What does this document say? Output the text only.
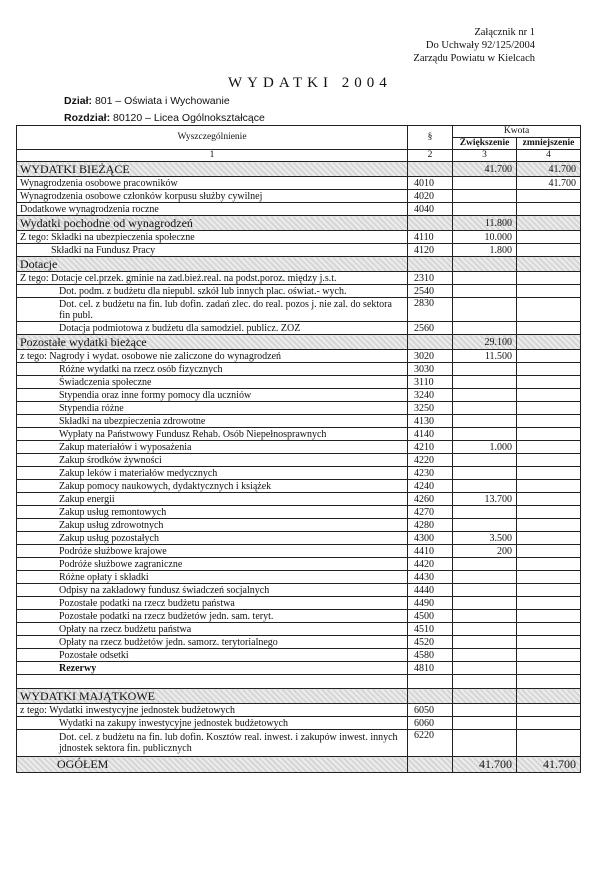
Załącznik nr 1
Do Uchwały 92/125/2004
Zarządu Powiatu w Kielcach
WYDATKI 2004
Dział: 801 – Oświata i Wychowanie
Rozdział: 80120 – Licea Ogólnokształcące
Wyszczególnienie	§	Kwota	
		Zwiększenie	zmniejszenie
1	2	3	4
WYDATKI BIEŻĄCE		41.700	41.700
Wynagrodzenia osobowe pracowników	4010		41.700
Wynagrodzenia osobowe członków korpusu służby cywilnej	4020		
Dodatkowe wynagrodzenia roczne	4040		
Wydatki pochodne od wynagrodzeń		11.800	
Z tego: Składki na ubezpieczenia społeczne	4110	10.000	
Składki na Fundusz Pracy	4120	1.800	
Dotacje			
Z tego: Dotacje cel.przek. gminie na zad.bież.real. na podst.poroz. między j.s.t.	2310		
Dot. podm. z budżetu dla niepubl. szkół lub innych plac. oświat.- wych.	2540		
Dot. cel. z budżetu na fin. lub dofin. zadań zlec. do real. pozos j. nie zal. do sektora fin publ.	2830		
Dotacja podmiotowa z budżetu dla samodziel. publicz. ZOZ	2560		
Pozostałe wydatki bieżące		29.100	
z tego: Nagrody i wydat. osobowe nie zaliczone do wynagrodzeń	3020	11.500	
Różne wydatki na rzecz osób fizycznych	3030		
Świadczenia społeczne	3110		
Stypendia oraz inne formy pomocy dla uczniów	3240		
Stypendia różne	3250		
Składki na ubezpieczenia zdrowotne	4130		
Wypłaty na Państwowy Fundusz Rehab. Osób Niepełnosprawnych	4140		
Zakup materiałów i wyposażenia	4210	1.000	
Zakup środków żywności	4220		
Zakup leków i materiałów medycznych	4230		
Zakup pomocy naukowych, dydaktycznych i książek	4240		
Zakup energii	4260	13.700	
Zakup usług remontowych	4270		
Zakup usług zdrowotnych	4280		
Zakup usług pozostałych	4300	3.500	
Podróże służbowe krajowe	4410	200	
Podróże służbowe zagraniczne	4420		
Różne opłaty i składki	4430		
Odpisy na zakładowy fundusz świadczeń socjalnych	4440		
Pozostałe podatki na rzecz budżetu państwa	4490		
Pozostałe podatki na rzecz budżetów jedn. sam. teryt.	4500		
Opłaty na rzecz budżetu państwa	4510		
Opłaty na rzecz budżetów jedn. samorz. terytorialnego	4520		
Pozostałe odsetki	4580		
Rezerwy	4810		

WYDATKI MAJĄTKOWE			
z tego: Wydatki inwestycyjne jednostek budżetowych	6050		
Wydatki na zakupy inwestycyjne jednostek budżetowych	6060		
Dot. cel. z budżetu na fin. lub dofin. Kosztów real. inwest. i zakupów inwest. innych jdnostek sektora fin. publicznych	6220		
OGÓŁEM		41.700	41.700
